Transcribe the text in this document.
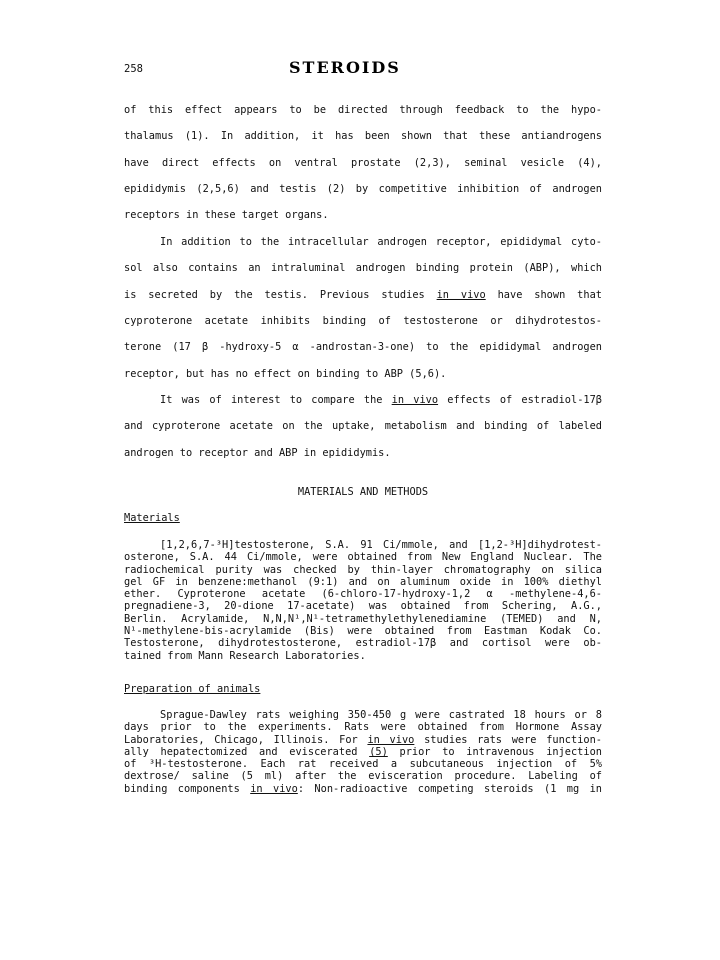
258	STEROIDS
of this effect appears to be directed through feedback to the hypo-
thalamus (1). In addition, it has been shown that these antiandrogens
have direct effects on ventral prostate (2,3), seminal vesicle (4),
epididymis (2,5,6) and testis (2) by competitive inhibition of androgen
receptors in these target organs.
In addition to the intracellular androgen receptor, epididymal cyto-
sol also contains an intraluminal androgen binding protein (ABP), which
is secreted by the testis. Previous studies in vivo have shown that
cyproterone acetate inhibits binding of testosterone or dihydrotestos-
terone (17 β -hydroxy-5 α -androstan-3-one) to the epididymal androgen
receptor, but has no effect on binding to ABP (5,6).
It was of interest to compare the in vivo effects of estradiol-17β
and cyproterone acetate on the uptake, metabolism and binding of labeled
androgen to receptor and ABP in epididymis.
MATERIALS AND METHODS
Materials
[1,2,6,7-³H]testosterone, S.A. 91 Ci/mmole, and [1,2-³H]dihydrotest-
osterone, S.A. 44 Ci/mmole, were obtained from New England Nuclear. The
radiochemical purity was checked by thin-layer chromatography on silica
gel GF in benzene:methanol (9:1) and on aluminum oxide in 100% diethyl
ether. Cyproterone acetate (6-chloro-17-hydroxy-1,2 α -methylene-4,6-
pregnadiene-3, 20-dione 17-acetate) was obtained from Schering, A.G.,
Berlin. Acrylamide, N,N,N¹,N¹-tetramethylethylenediamine (TEMED) and N,
N¹-methylene-bis-acrylamide (Bis) were obtained from Eastman Kodak Co.
Testosterone, dihydrotestosterone, estradiol-17β and cortisol were ob-
tained from Mann Research Laboratories.
Preparation of animals
Sprague-Dawley rats weighing 350-450 g were castrated 18 hours or 8
days prior to the experiments. Rats were obtained from Hormone Assay
Laboratories, Chicago, Illinois. For in vivo studies rats were function-
ally hepatectomized and eviscerated (5) prior to intravenous injection
of ³H-testosterone. Each rat received a subcutaneous injection of 5%
dextrose/ saline (5 ml) after the evisceration procedure. Labeling of
binding components in vivo: Non-radioactive competing steroids (1 mg in
